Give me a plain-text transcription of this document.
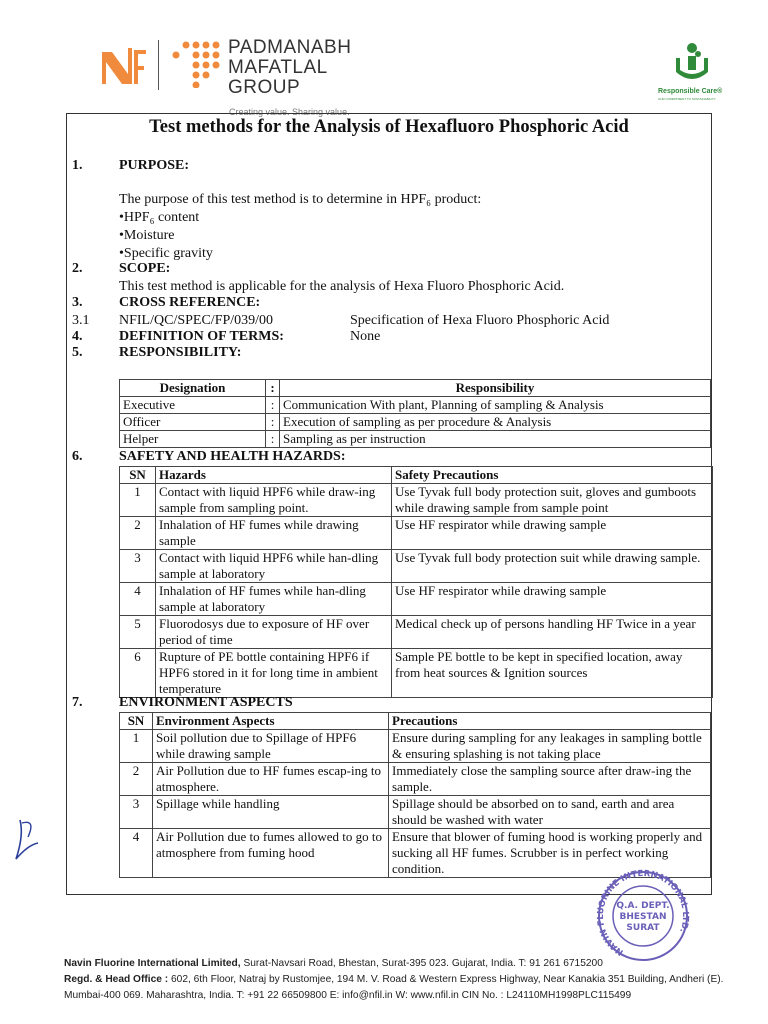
PADMANABH
MAFATLAL
GROUP
Creating value. Sharing value.
Responsible Care®
OUR COMMITMENT TO SUSTAINABILITY
Test methods for the Analysis of Hexafluoro Phosphoric Acid
1.	PURPOSE:
The purpose of this test method is to determine in HPF₆ product:
•HPF₆ content
•Moisture
•Specific gravity
2.	SCOPE:
This test method is applicable for the analysis of Hexa Fluoro Phosphoric Acid.
3.	CROSS REFERENCE:
3.1 NFIL/QC/SPEC/FP/039/00	Specification of Hexa Fluoro Phosphoric Acid
4.	DEFINITION OF TERMS:	None
5.	RESPONSIBILITY:
Designation	:	Responsibility
Executive	:	Communication With plant, Planning of sampling & Analysis
Officer	:	Execution of sampling as per procedure & Analysis
Helper	:	Sampling as per instruction
6.	SAFETY AND HEALTH HAZARDS:
SN	Hazards	Safety Precautions
1	Contact with liquid HPF6 while draw-ing sample from sampling point.	Use Tyvak full body protection suit, gloves and gumboots while drawing sample from sample point
2	Inhalation of HF fumes while drawing sample	Use HF respirator while drawing sample
3	Contact with liquid HPF6 while han-dling sample at laboratory	Use Tyvak full body protection suit while drawing sample.
4	Inhalation of HF fumes while han-dling sample at laboratory	Use HF respirator while drawing sample
5	Fluorodosys due to exposure of HF over period of time	Medical check up of persons handling HF Twice in a year
6	Rupture of PE bottle containing HPF6 if HPF6 stored in it for long time in ambient temperature	Sample PE bottle to be kept in specified location, away from heat sources & Ignition sources
7.	ENVIRONMENT ASPECTS
SN	Environment Aspects	Precautions
1	Soil pollution due to Spillage of HPF6 while drawing sample	Ensure during sampling for any leakages in sampling bottle & ensuring splashing is not taking place
2	Air Pollution due to HF fumes escap-ing to atmosphere.	Immediately close the sampling source after draw-ing the sample.
3	Spillage while handling	Spillage should be absorbed on to sand, earth and area should be washed with water
4	Air Pollution due to fumes allowed to go to atmosphere from fuming hood	Ensure that blower of fuming hood is working properly and sucking all HF fumes. Scrubber is in perfect working condition.
NAVIN FLUORINE INTERNATIONAL LTD.
Q.A. DEPT.
BHESTAN
SURAT
Navin Fluorine International Limited, Surat-Navsari Road, Bhestan, Surat-395 023. Gujarat, India. T: 91 261 6715200
Regd. & Head Office : 602, 6th Floor, Natraj by Rustomjee, 194 M. V. Road & Western Express Highway, Near Kanakia 351 Building, Andheri (E).
Mumbai-400 069. Maharashtra, India. T: +91 22 66509800 E: info@nfil.in W: www.nfil.in CIN No. : L24110MH1998PLC115499
